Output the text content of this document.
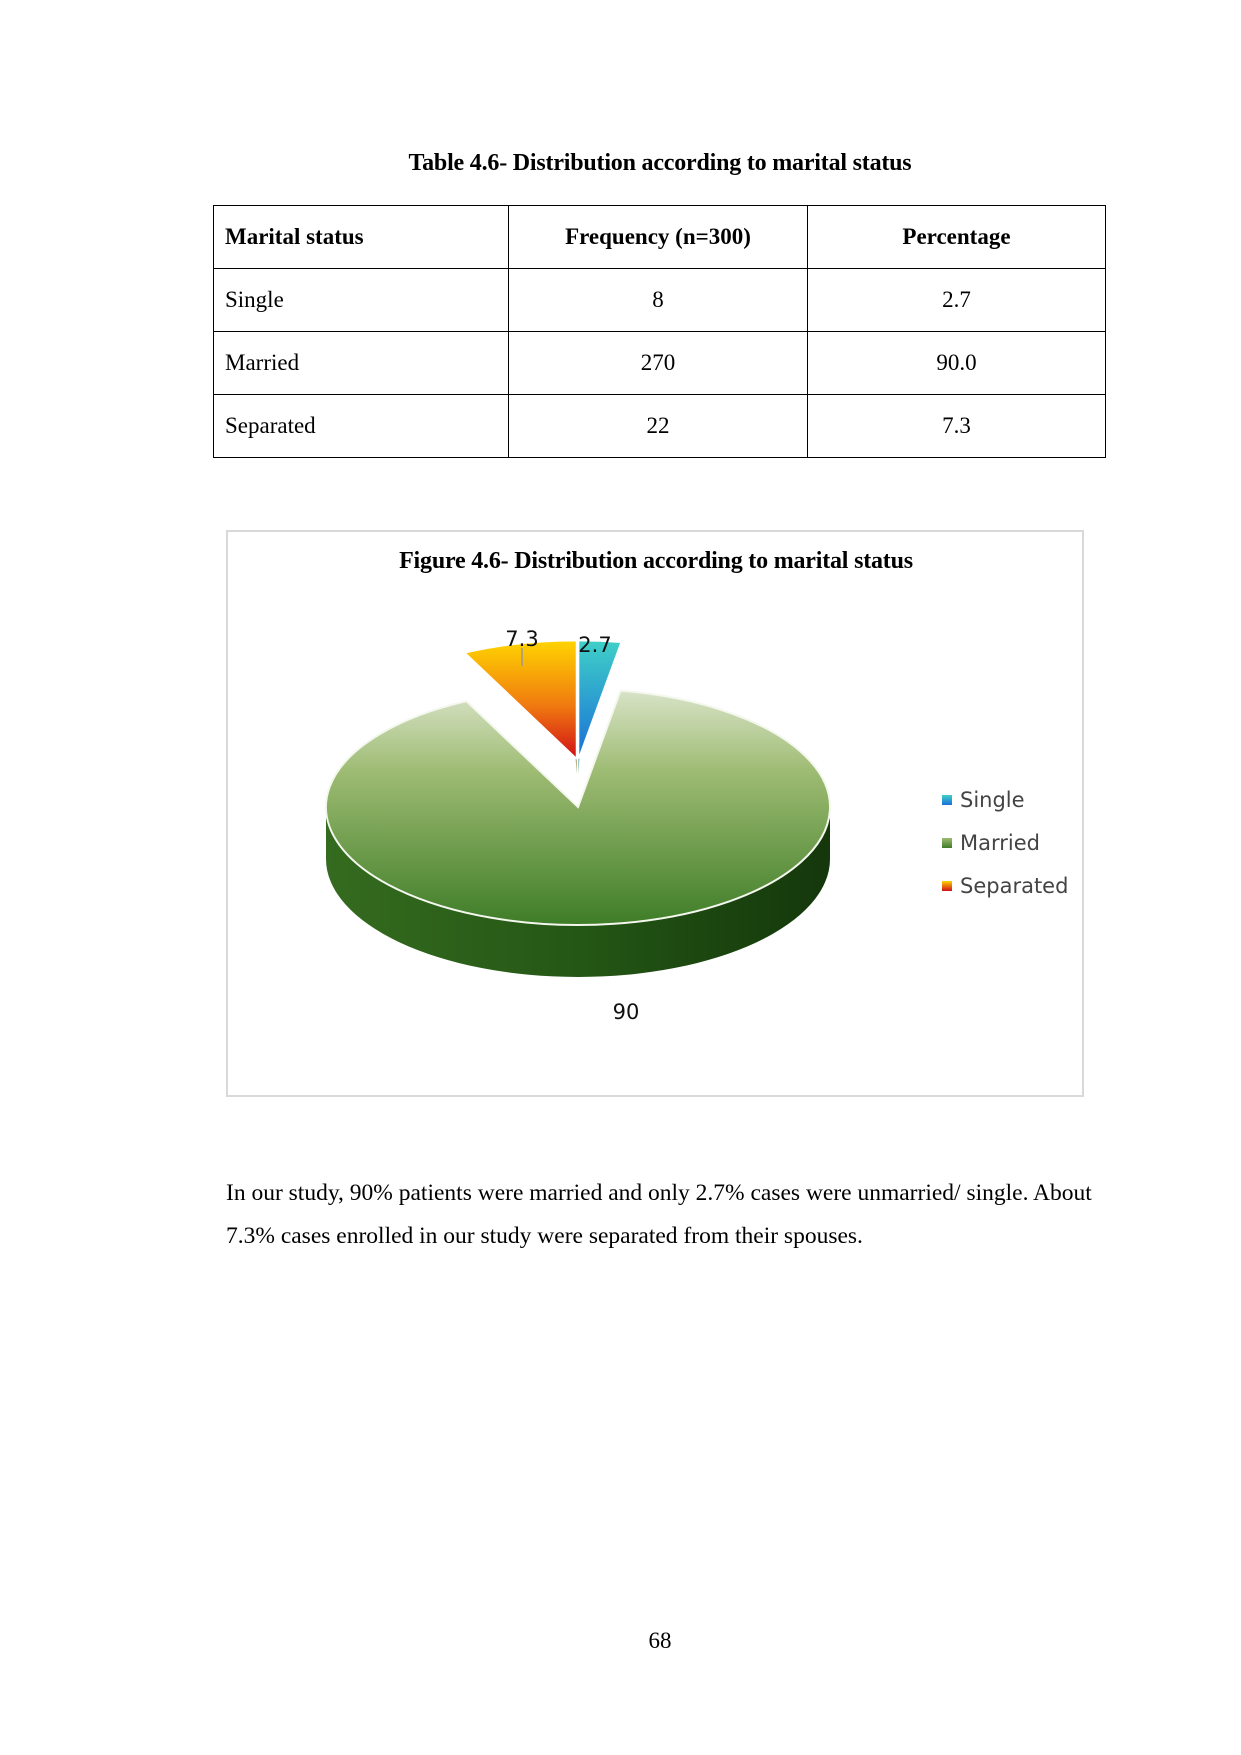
Table 4.6- Distribution according to marital status
Marital status	Frequency (n=300)	Percentage
Single	8	2.7
Married	270	90.0
Separated	22	7.3
Figure 4.6- Distribution according to marital status
7.3 2.7
90
Single
Married
Separated
In our study, 90% patients were married and only 2.7% cases were unmarried/ single. About 7.3% cases enrolled in our study were separated from their spouses.
68
